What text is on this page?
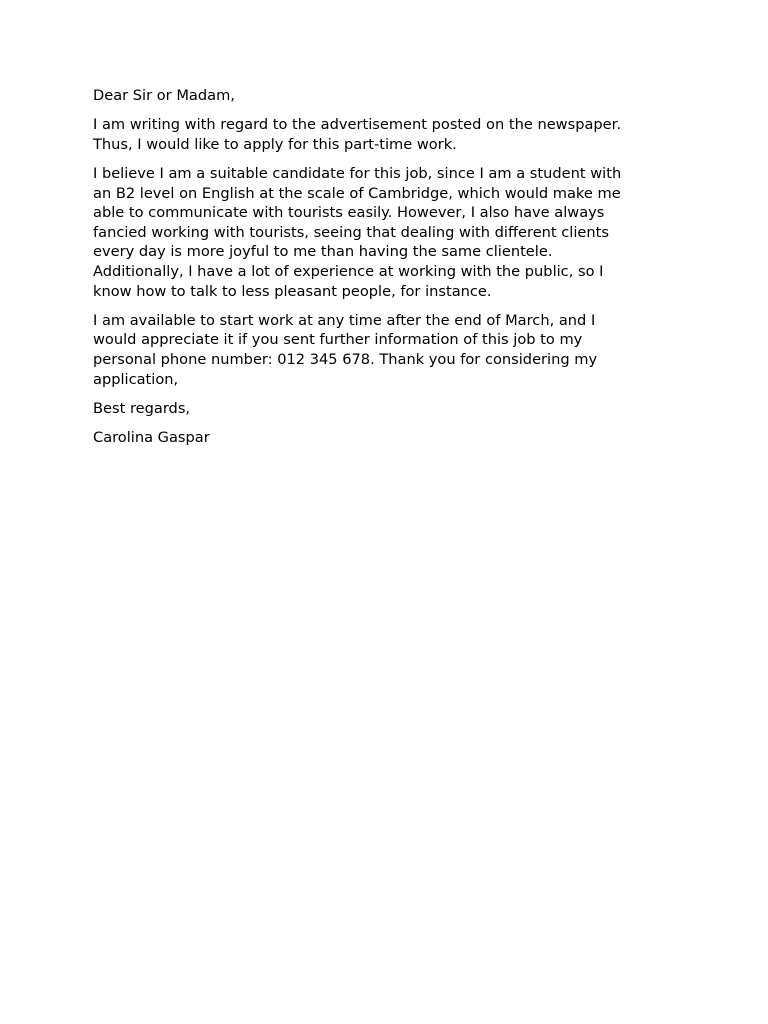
Dear Sir or Madam,

I am writing with regard to the advertisement posted on the newspaper.
Thus, I would like to apply for this part-time work.

I believe I am a suitable candidate for this job, since I am a student with
an B2 level on English at the scale of Cambridge, which would make me
able to communicate with tourists easily. However, I also have always
fancied working with tourists, seeing that dealing with different clients
every day is more joyful to me than having the same clientele.
Additionally, I have a lot of experience at working with the public, so I
know how to talk to less pleasant people, for instance.

I am available to start work at any time after the end of March, and I
would appreciate it if you sent further information of this job to my
personal phone number: 012 345 678. Thank you for considering my
application,

Best regards,

Carolina Gaspar
